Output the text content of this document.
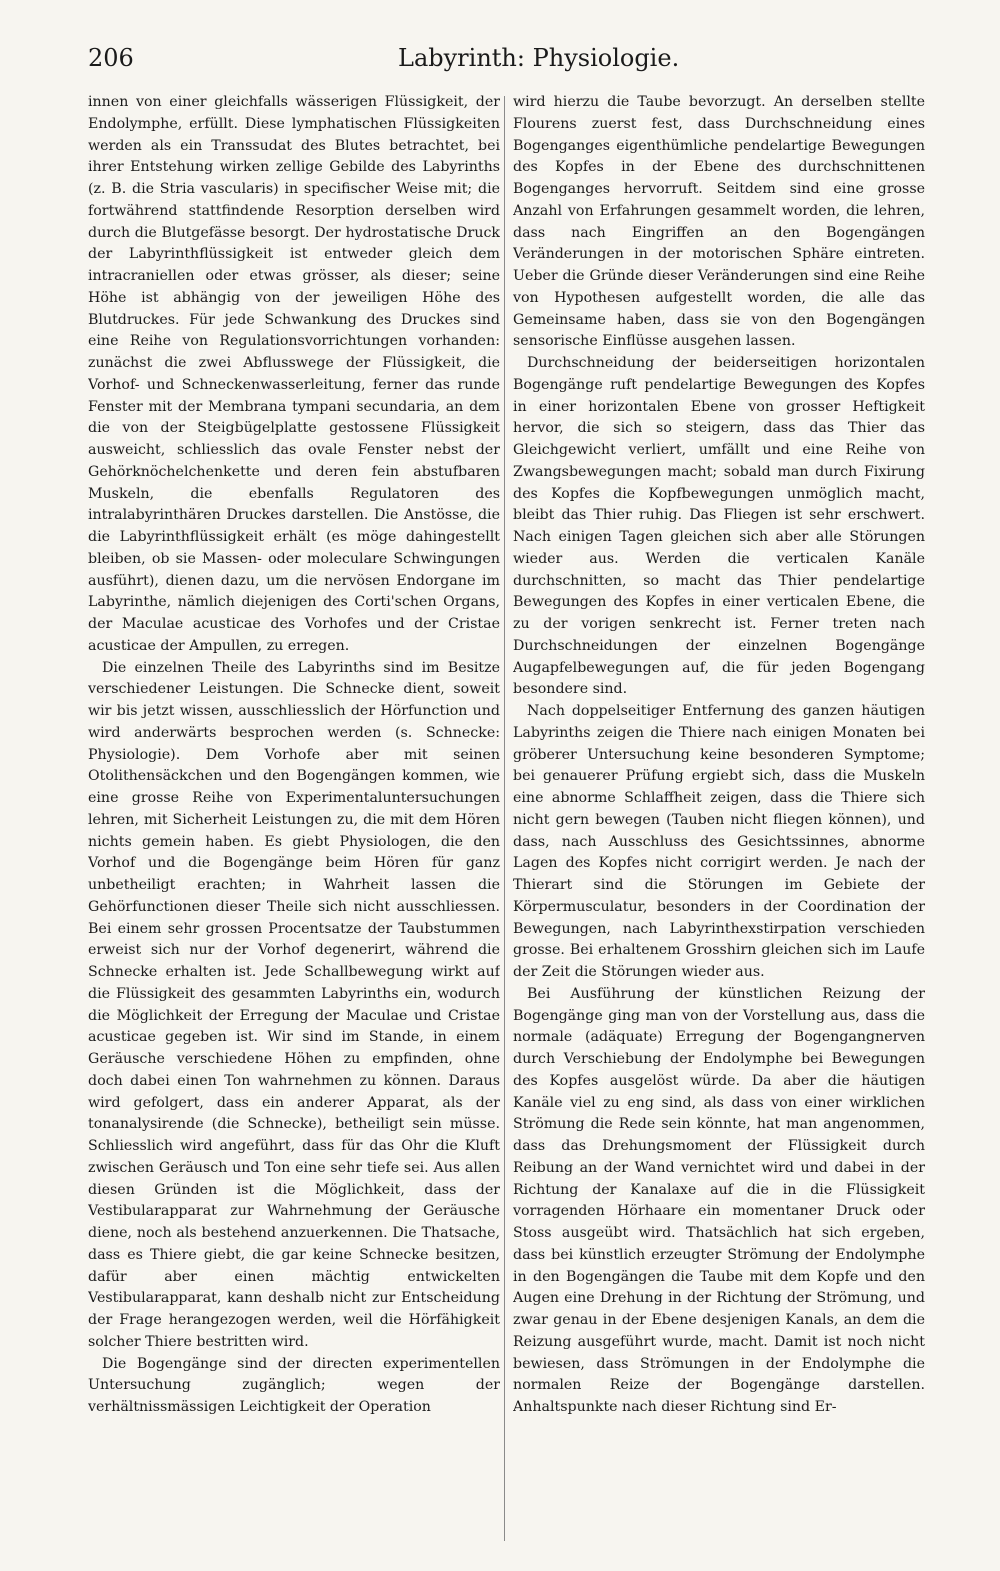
206	Labyrinth: Physiologie.

innen von einer gleichfalls wässerigen Flüssigkeit, der Endolymphe, erfüllt. Diese lymphatischen Flüssigkeiten werden als ein Transsudat des Blutes betrachtet, bei ihrer Entstehung wirken zellige Gebilde des Labyrinths (z. B. die Stria vascularis) in specifischer Weise mit; die fortwährend stattfindende Resorption derselben wird durch die Blutgefässe besorgt. Der hydrostatische Druck der Labyrinthflüssigkeit ist entweder gleich dem intracraniellen oder etwas grösser, als dieser; seine Höhe ist abhängig von der jeweiligen Höhe des Blutdruckes. Für jede Schwankung des Druckes sind eine Reihe von Regulationsvorrichtungen vorhanden: zunächst die zwei Abflusswege der Flüssigkeit, die Vorhof- und Schneckenwasserleitung, ferner das runde Fenster mit der Membrana tympani secundaria, an dem die von der Steigbügelplatte gestossene Flüssigkeit ausweicht, schliesslich das ovale Fenster nebst der Gehörknöchelchenkette und deren fein abstufbaren Muskeln, die ebenfalls Regulatoren des intralabyrinthären Druckes darstellen. Die Anstösse, die die Labyrinthflüssigkeit erhält (es möge dahingestellt bleiben, ob sie Massen- oder moleculare Schwingungen ausführt), dienen dazu, um die nervösen Endorgane im Labyrinthe, nämlich diejenigen des Corti'schen Organs, der Maculae acusticae des Vorhofes und der Cristae acusticae der Ampullen, zu erregen.

Die einzelnen Theile des Labyrinths sind im Besitze verschiedener Leistungen. Die Schnecke dient, soweit wir bis jetzt wissen, ausschliesslich der Hörfunction und wird anderwärts besprochen werden (s. Schnecke: Physiologie). Dem Vorhofe aber mit seinen Otolithensäckchen und den Bogengängen kommen, wie eine grosse Reihe von Experimentaluntersuchungen lehren, mit Sicherheit Leistungen zu, die mit dem Hören nichts gemein haben. Es giebt Physiologen, die den Vorhof und die Bogengänge beim Hören für ganz unbetheiligt erachten; in Wahrheit lassen die Gehörfunctionen dieser Theile sich nicht ausschliessen. Bei einem sehr grossen Procentsatze der Taubstummen erweist sich nur der Vorhof degenerirt, während die Schnecke erhalten ist. Jede Schallbewegung wirkt auf die Flüssigkeit des gesammten Labyrinths ein, wodurch die Möglichkeit der Erregung der Maculae und Cristae acusticae gegeben ist. Wir sind im Stande, in einem Geräusche verschiedene Höhen zu empfinden, ohne doch dabei einen Ton wahrnehmen zu können. Daraus wird gefolgert, dass ein anderer Apparat, als der tonanalysirende (die Schnecke), betheiligt sein müsse. Schliesslich wird angeführt, dass für das Ohr die Kluft zwischen Geräusch und Ton eine sehr tiefe sei. Aus allen diesen Gründen ist die Möglichkeit, dass der Vestibularapparat zur Wahrnehmung der Geräusche diene, noch als bestehend anzuerkennen. Die Thatsache, dass es Thiere giebt, die gar keine Schnecke besitzen, dafür aber einen mächtig entwickelten Vestibularapparat, kann deshalb nicht zur Entscheidung der Frage herangezogen werden, weil die Hörfähigkeit solcher Thiere bestritten wird.

Die Bogengänge sind der directen experimentellen Untersuchung zugänglich; wegen der verhältnissmässigen Leichtigkeit der Operation

wird hierzu die Taube bevorzugt. An derselben stellte Flourens zuerst fest, dass Durchschneidung eines Bogenganges eigenthümliche pendelartige Bewegungen des Kopfes in der Ebene des durchschnittenen Bogenganges hervorruft. Seitdem sind eine grosse Anzahl von Erfahrungen gesammelt worden, die lehren, dass nach Eingriffen an den Bogengängen Veränderungen in der motorischen Sphäre eintreten. Ueber die Gründe dieser Veränderungen sind eine Reihe von Hypothesen aufgestellt worden, die alle das Gemeinsame haben, dass sie von den Bogengängen sensorische Einflüsse ausgehen lassen.

Durchschneidung der beiderseitigen horizontalen Bogengänge ruft pendelartige Bewegungen des Kopfes in einer horizontalen Ebene von grosser Heftigkeit hervor, die sich so steigern, dass das Thier das Gleichgewicht verliert, umfällt und eine Reihe von Zwangsbewegungen macht; sobald man durch Fixirung des Kopfes die Kopfbewegungen unmöglich macht, bleibt das Thier ruhig. Das Fliegen ist sehr erschwert. Nach einigen Tagen gleichen sich aber alle Störungen wieder aus. Werden die verticalen Kanäle durchschnitten, so macht das Thier pendelartige Bewegungen des Kopfes in einer verticalen Ebene, die zu der vorigen senkrecht ist. Ferner treten nach Durchschneidungen der einzelnen Bogengänge Augapfelbewegungen auf, die für jeden Bogengang besondere sind.

Nach doppelseitiger Entfernung des ganzen häutigen Labyrinths zeigen die Thiere nach einigen Monaten bei gröberer Untersuchung keine besonderen Symptome; bei genauerer Prüfung ergiebt sich, dass die Muskeln eine abnorme Schlaffheit zeigen, dass die Thiere sich nicht gern bewegen (Tauben nicht fliegen können), und dass, nach Ausschluss des Gesichtssinnes, abnorme Lagen des Kopfes nicht corrigirt werden. Je nach der Thierart sind die Störungen im Gebiete der Körpermusculatur, besonders in der Coordination der Bewegungen, nach Labyrinthexstirpation verschieden grosse. Bei erhaltenem Grosshirn gleichen sich im Laufe der Zeit die Störungen wieder aus.

Bei Ausführung der künstlichen Reizung der Bogengänge ging man von der Vorstellung aus, dass die normale (adäquate) Erregung der Bogengangnerven durch Verschiebung der Endolymphe bei Bewegungen des Kopfes ausgelöst würde. Da aber die häutigen Kanäle viel zu eng sind, als dass von einer wirklichen Strömung die Rede sein könnte, hat man angenommen, dass das Drehungsmoment der Flüssigkeit durch Reibung an der Wand vernichtet wird und dabei in der Richtung der Kanalaxe auf die in die Flüssigkeit vorragenden Hörhaare ein momentaner Druck oder Stoss ausgeübt wird. Thatsächlich hat sich ergeben, dass bei künstlich erzeugter Strömung der Endolymphe in den Bogengängen die Taube mit dem Kopfe und den Augen eine Drehung in der Richtung der Strömung, und zwar genau in der Ebene desjenigen Kanals, an dem die Reizung ausgeführt wurde, macht. Damit ist noch nicht bewiesen, dass Strömungen in der Endolymphe die normalen Reize der Bogengänge darstellen. Anhaltspunkte nach dieser Richtung sind Er-
